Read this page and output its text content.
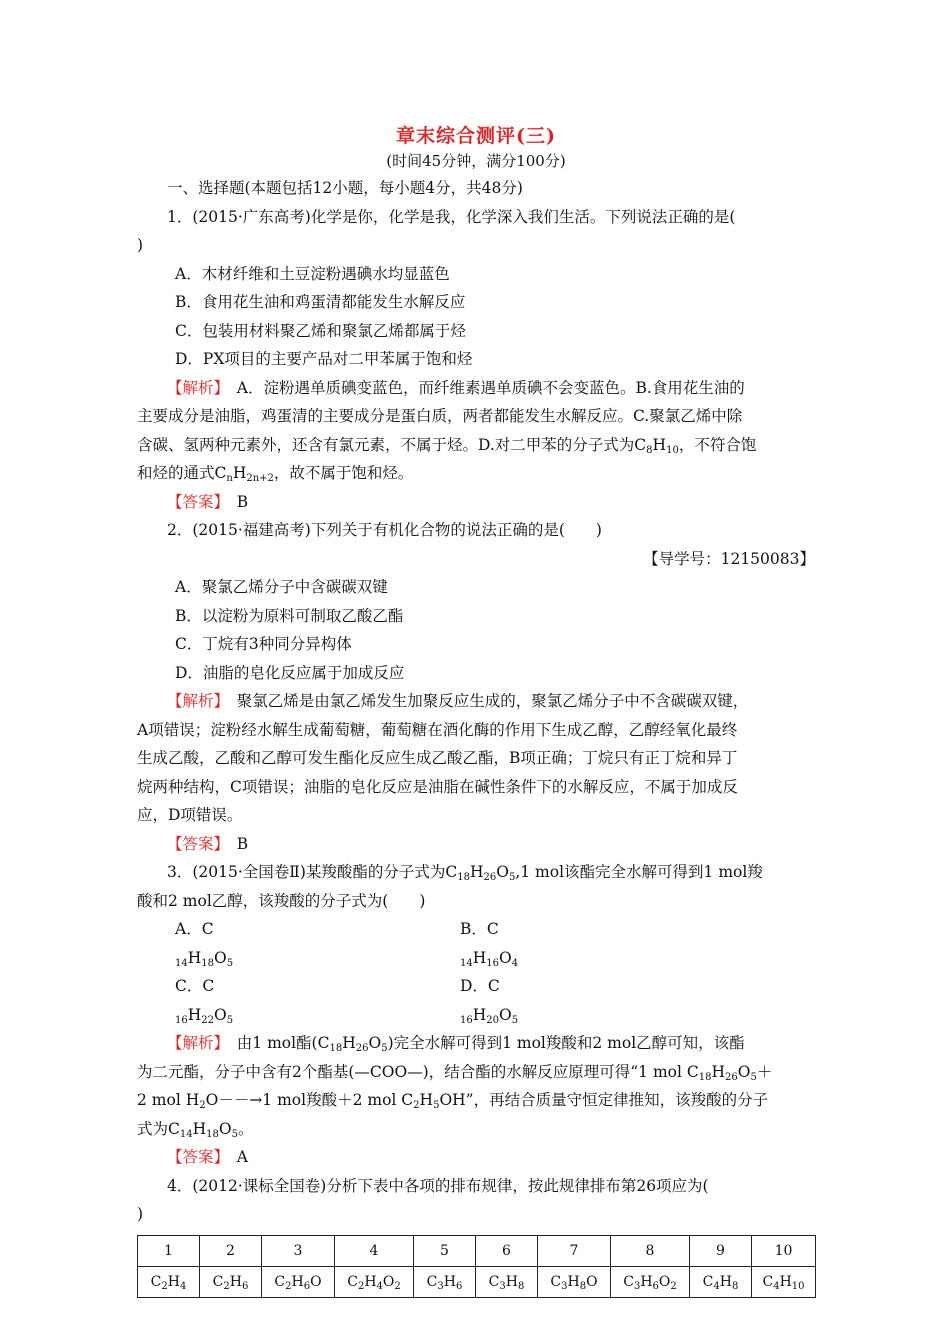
章末综合测评(三)
(时间45分钟，满分100分)

一、选择题(本题包括12小题，每小题4分，共48分)

1．(2015·广东高考)化学是你，化学是我，化学深入我们生活。下列说法正确的是(

)

A．木材纤维和土豆淀粉遇碘水均显蓝色

B．食用花生油和鸡蛋清都能发生水解反应

C．包装用材料聚乙烯和聚氯乙烯都属于烃

D．PX项目的主要产品对二甲苯属于饱和烃

【解析】　 A．淀粉遇单质碘变蓝色，而纤维素遇单质碘不会变蓝色。B.食用花生油的

主要成分是油脂，鸡蛋清的主要成分是蛋白质，两者都能发生水解反应。C.聚氯乙烯中除

含碳、氢两种元素外，还含有氯元素，不属于烃。D.对二甲苯的分子式为$C_8H_{10}$，不符合饱

和烃的通式$C_nH_{2n+2}$，故不属于饱和烃。

【答案】　 B

2．(2015·福建高考)下列关于有机化合物的说法正确的是(　　)

【导学号：12150083】

A．聚氯乙烯分子中含碳碳双键

B．以淀粉为原料可制取乙酸乙酯

C．丁烷有3种同分异构体

D．油脂的皂化反应属于加成反应

【解析】　 聚氯乙烯是由氯乙烯发生加聚反应生成的，聚氯乙烯分子中不含碳碳双键，

A项错误；淀粉经水解生成葡萄糖，葡萄糖在酒化酶的作用下生成乙醇，乙醇经氧化最终

生成乙酸，乙酸和乙醇可发生酯化反应生成乙酸乙酯，B项正确；丁烷只有正丁烷和异丁

烷两种结构，C项错误；油脂的皂化反应是油脂在碱性条件下的水解反应，不属于加成反

应，D项错误。

【答案】　 B

3．(2015·全国卷Ⅱ)某羧酸酯的分子式为$C_{18}H_{26}O_5,1$ mol该酯完全水解可得到1 mol羧

酸和2 mol乙醇，该羧酸的分子式为(　　)

A．$C_{14}H_{18}O_5$
B．$C_{14}H_{16}O_4$
C．$C_{16}H_{22}O_5$
D．$C_{16}H_{20}O_5$

【解析】　 由1 mol酯$(C_{18}H_{26}O_5)$完全水解可得到1 mol羧酸和2 mol乙醇可知，该酯

为二元酯，分子中含有2个酯基(—COO—)，结合酯的水解反应原理可得“1 mol $C_{18}H_{26}O_5+$

2 mol $H_2O--\to 1$ mol羧酸＋2 mol $C_2H_5OH$”，再结合质量守恒定律推知，该羧酸的分子

式为$C_{14}H_{18}O_5$。

【答案】　 A

4．(2012·课标全国卷)分析下表中各项的排布规律，按此规律排布第26项应为(

)

1	2	3	4	5	6	7	8	9	10
$C_2H_4$	$C_2H_6$	$C_2H_6O$	$C_2H_4O_2$	$C_3H_6$	$C_3H_8$	$C_3H_8O$	$C_3H_6O_2$	$C_4H_8$	$C_4H_{10}$
